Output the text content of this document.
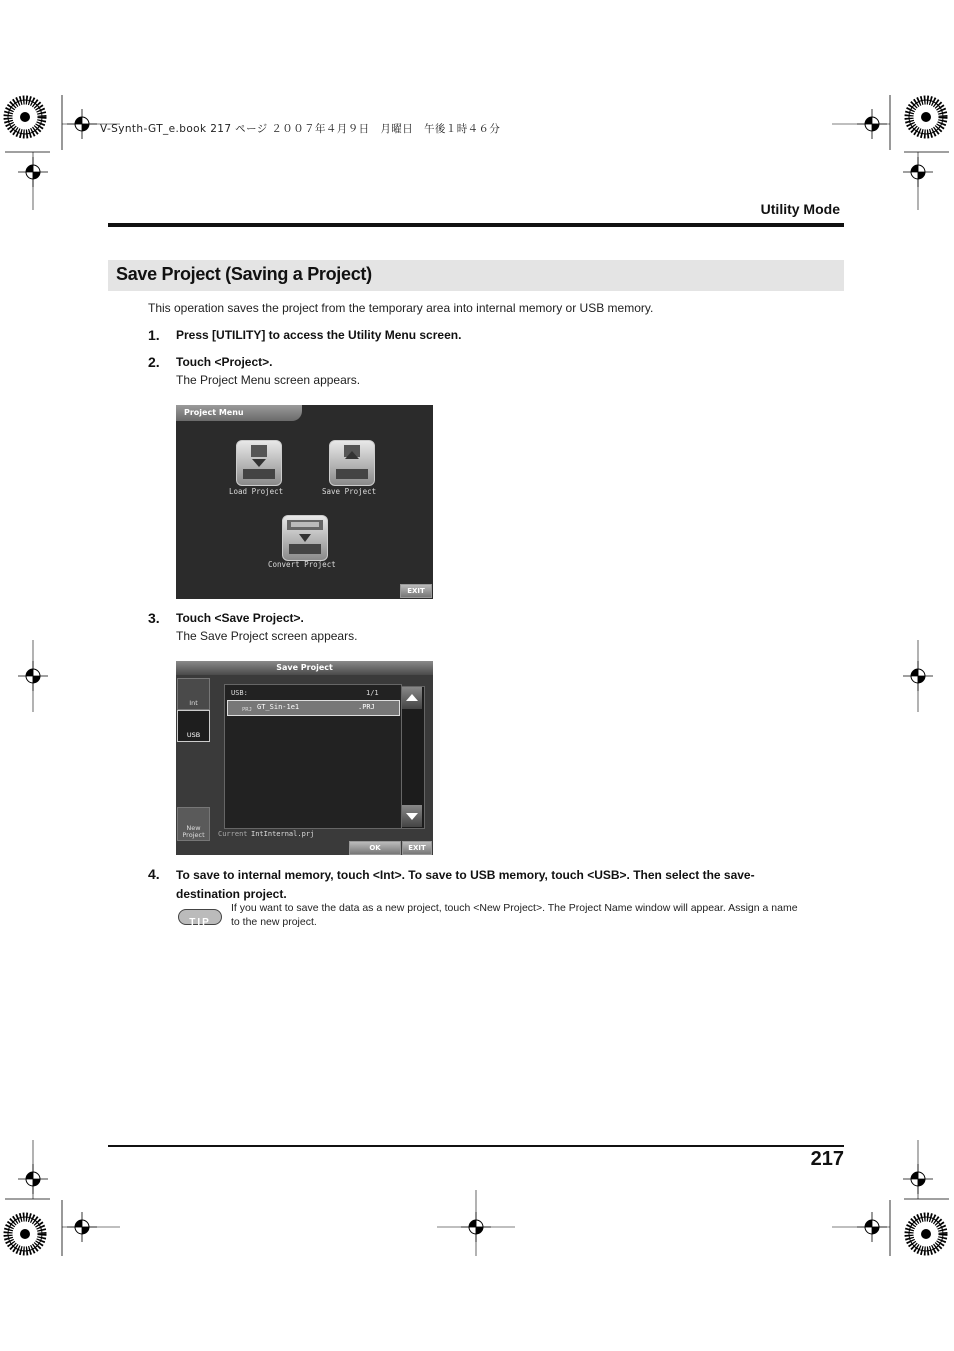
V-Synth-GT_e.book 217 ページ ２００７年４月９日　月曜日　午後１時４６分
Utility Mode
Save Project (Saving a Project)
This operation saves the project from the temporary area into internal memory or USB memory.
1. Press [UTILITY] to access the Utility Menu screen.
2. Touch <Project>.
The Project Menu screen appears.
Project Menu
Load Project	Save Project
Convert Project
EXIT
3. Touch <Save Project>.
The Save Project screen appears.
Save Project
Int
USB
New Project
USB:	1/1
PRJ GT_Sin-1e1	.PRJ
Current IntInternal.prj
OK	EXIT
4. To save to internal memory, touch <Int>. To save to USB memory, touch <USB>. Then select the save-destination project.
TIP
If you want to save the data as a new project, touch <New Project>. The Project Name window will appear. Assign a name to the new project.
217
